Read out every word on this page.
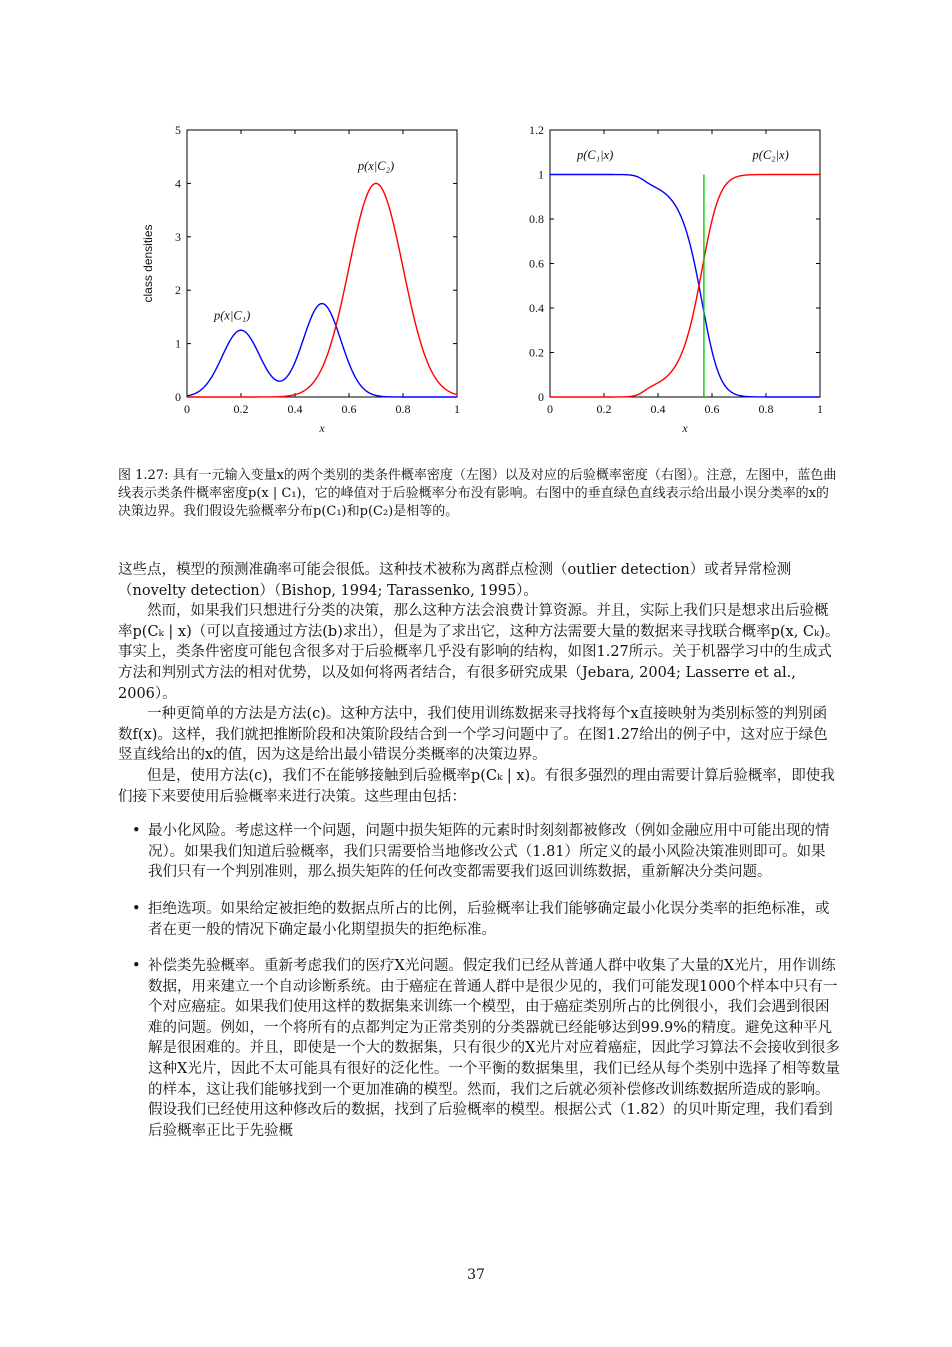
0	0.2	0.4	0.6	0.8	1
0
1
2
3
4
5
x
class densities
p(x|C₁)
p(x|C₂)
0	0.2	0.4	0.6	0.8	1
0
0.2
0.4
0.6
0.8
1
1.2
x
p(C₁|x)	p(C₂|x)
图 1.27: 具有一元输入变量x的两个类别的类条件概率密度（左图）以及对应的后验概率密度（右图）。注意，左图中，蓝色曲线表示类条件概率密度p(x | C₁)，它的峰值对于后验概率分布没有影响。右图中的垂直绿色直线表示给出最小误分类率的x的决策边界。我们假设先验概率分布p(C₁)和p(C₂)是相等的。

这些点，模型的预测准确率可能会很低。这种技术被称为离群点检测（outlier detection）或者异常检测（novelty detection）（Bishop, 1994; Tarassenko, 1995）。

然而，如果我们只想进行分类的决策，那么这种方法会浪费计算资源。并且，实际上我们只是想求出后验概率p(Cₖ | x)（可以直接通过方法(b)求出），但是为了求出它，这种方法需要大量的数据来寻找联合概率p(x, Cₖ)。事实上，类条件密度可能包含很多对于后验概率几乎没有影响的结构，如图1.27所示。关于机器学习中的生成式方法和判别式方法的相对优势，以及如何将两者结合，有很多研究成果（Jebara, 2004; Lasserre et al., 2006）。

一种更简单的方法是方法(c)。这种方法中，我们使用训练数据来寻找将每个x直接映射为类别标签的判别函数f(x)。这样，我们就把推断阶段和决策阶段结合到一个学习问题中了。在图1.27给出的例子中，这对应于绿色竖直线给出的x的值，因为这是给出最小错误分类概率的决策边界。

但是，使用方法(c)，我们不在能够接触到后验概率p(Cₖ | x)。有很多强烈的理由需要计算后验概率，即使我们接下来要使用后验概率来进行决策。这些理由包括：

• 最小化风险。考虑这样一个问题，问题中损失矩阵的元素时时刻刻都被修改（例如金融应用中可能出现的情况）。如果我们知道后验概率，我们只需要恰当地修改公式（1.81）所定义的最小风险决策准则即可。如果我们只有一个判别准则，那么损失矩阵的任何改变都需要我们返回训练数据，重新解决分类问题。
• 拒绝选项。如果给定被拒绝的数据点所占的比例，后验概率让我们能够确定最小化误分类率的拒绝标准，或者在更一般的情况下确定最小化期望损失的拒绝标准。
• 补偿类先验概率。重新考虑我们的医疗X光问题。假定我们已经从普通人群中收集了大量的X光片，用作训练数据，用来建立一个自动诊断系统。由于癌症在普通人群中是很少见的，我们可能发现1000个样本中只有一个对应癌症。如果我们使用这样的数据集来训练一个模型，由于癌症类别所占的比例很小，我们会遇到很困难的问题。例如，一个将所有的点都判定为正常类别的分类器就已经能够达到99.9%的精度。避免这种平凡解是很困难的。并且，即使是一个大的数据集，只有很少的X光片对应着癌症，因此学习算法不会接收到很多这种X光片，因此不太可能具有很好的泛化性。一个平衡的数据集里，我们已经从每个类别中选择了相等数量的样本，这让我们能够找到一个更加准确的模型。然而，我们之后就必须补偿修改训练数据所造成的影响。假设我们已经使用这种修改后的数据，找到了后验概率的模型。根据公式（1.82）的贝叶斯定理，我们看到后验概率正比于先验概
37
